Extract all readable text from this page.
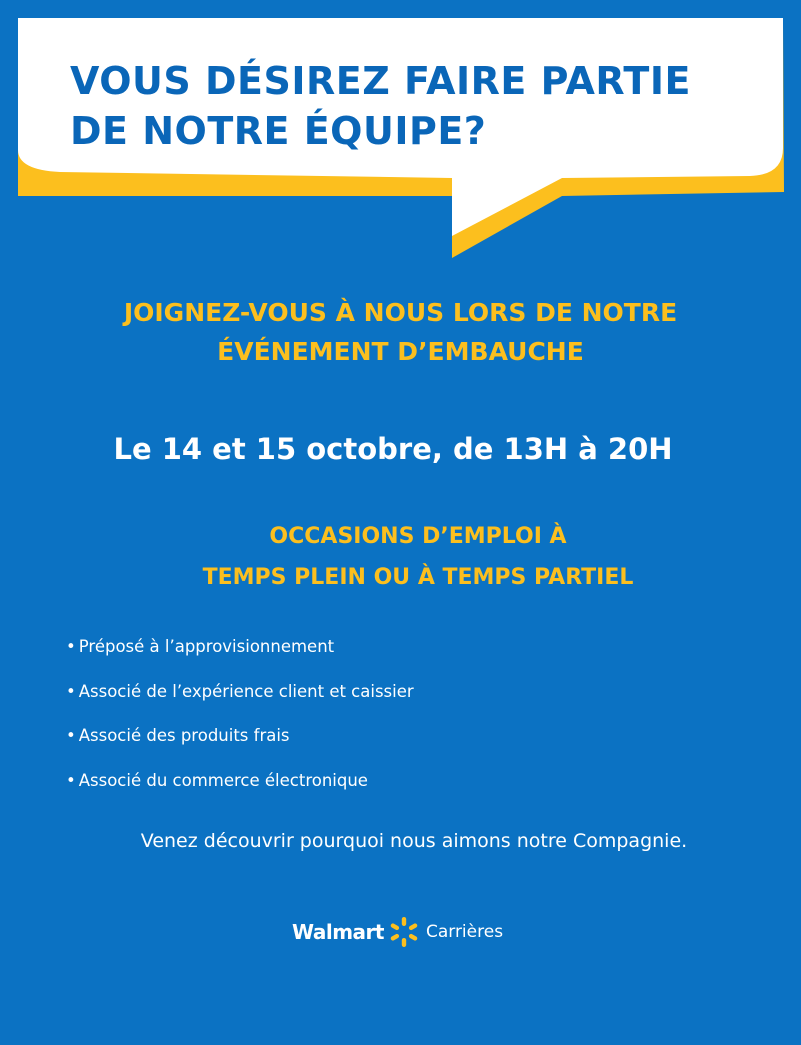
VOUS DÉSIREZ FAIRE PARTIE
DE NOTRE ÉQUIPE?
JOIGNEZ-VOUS À NOUS LORS DE NOTRE
ÉVÉNEMENT D’EMBAUCHE

Le 14 et 15 octobre, de 13H à 20H

OCCASIONS D’EMPLOI À
TEMPS PLEIN OU À TEMPS PARTIEL
• Préposé à l’approvisionnement
• Associé de l’expérience client et caissier
• Associé des produits frais
• Associé du commerce électronique

Venez découvrir pourquoi nous aimons notre Compagnie.

Walmart Carrières
